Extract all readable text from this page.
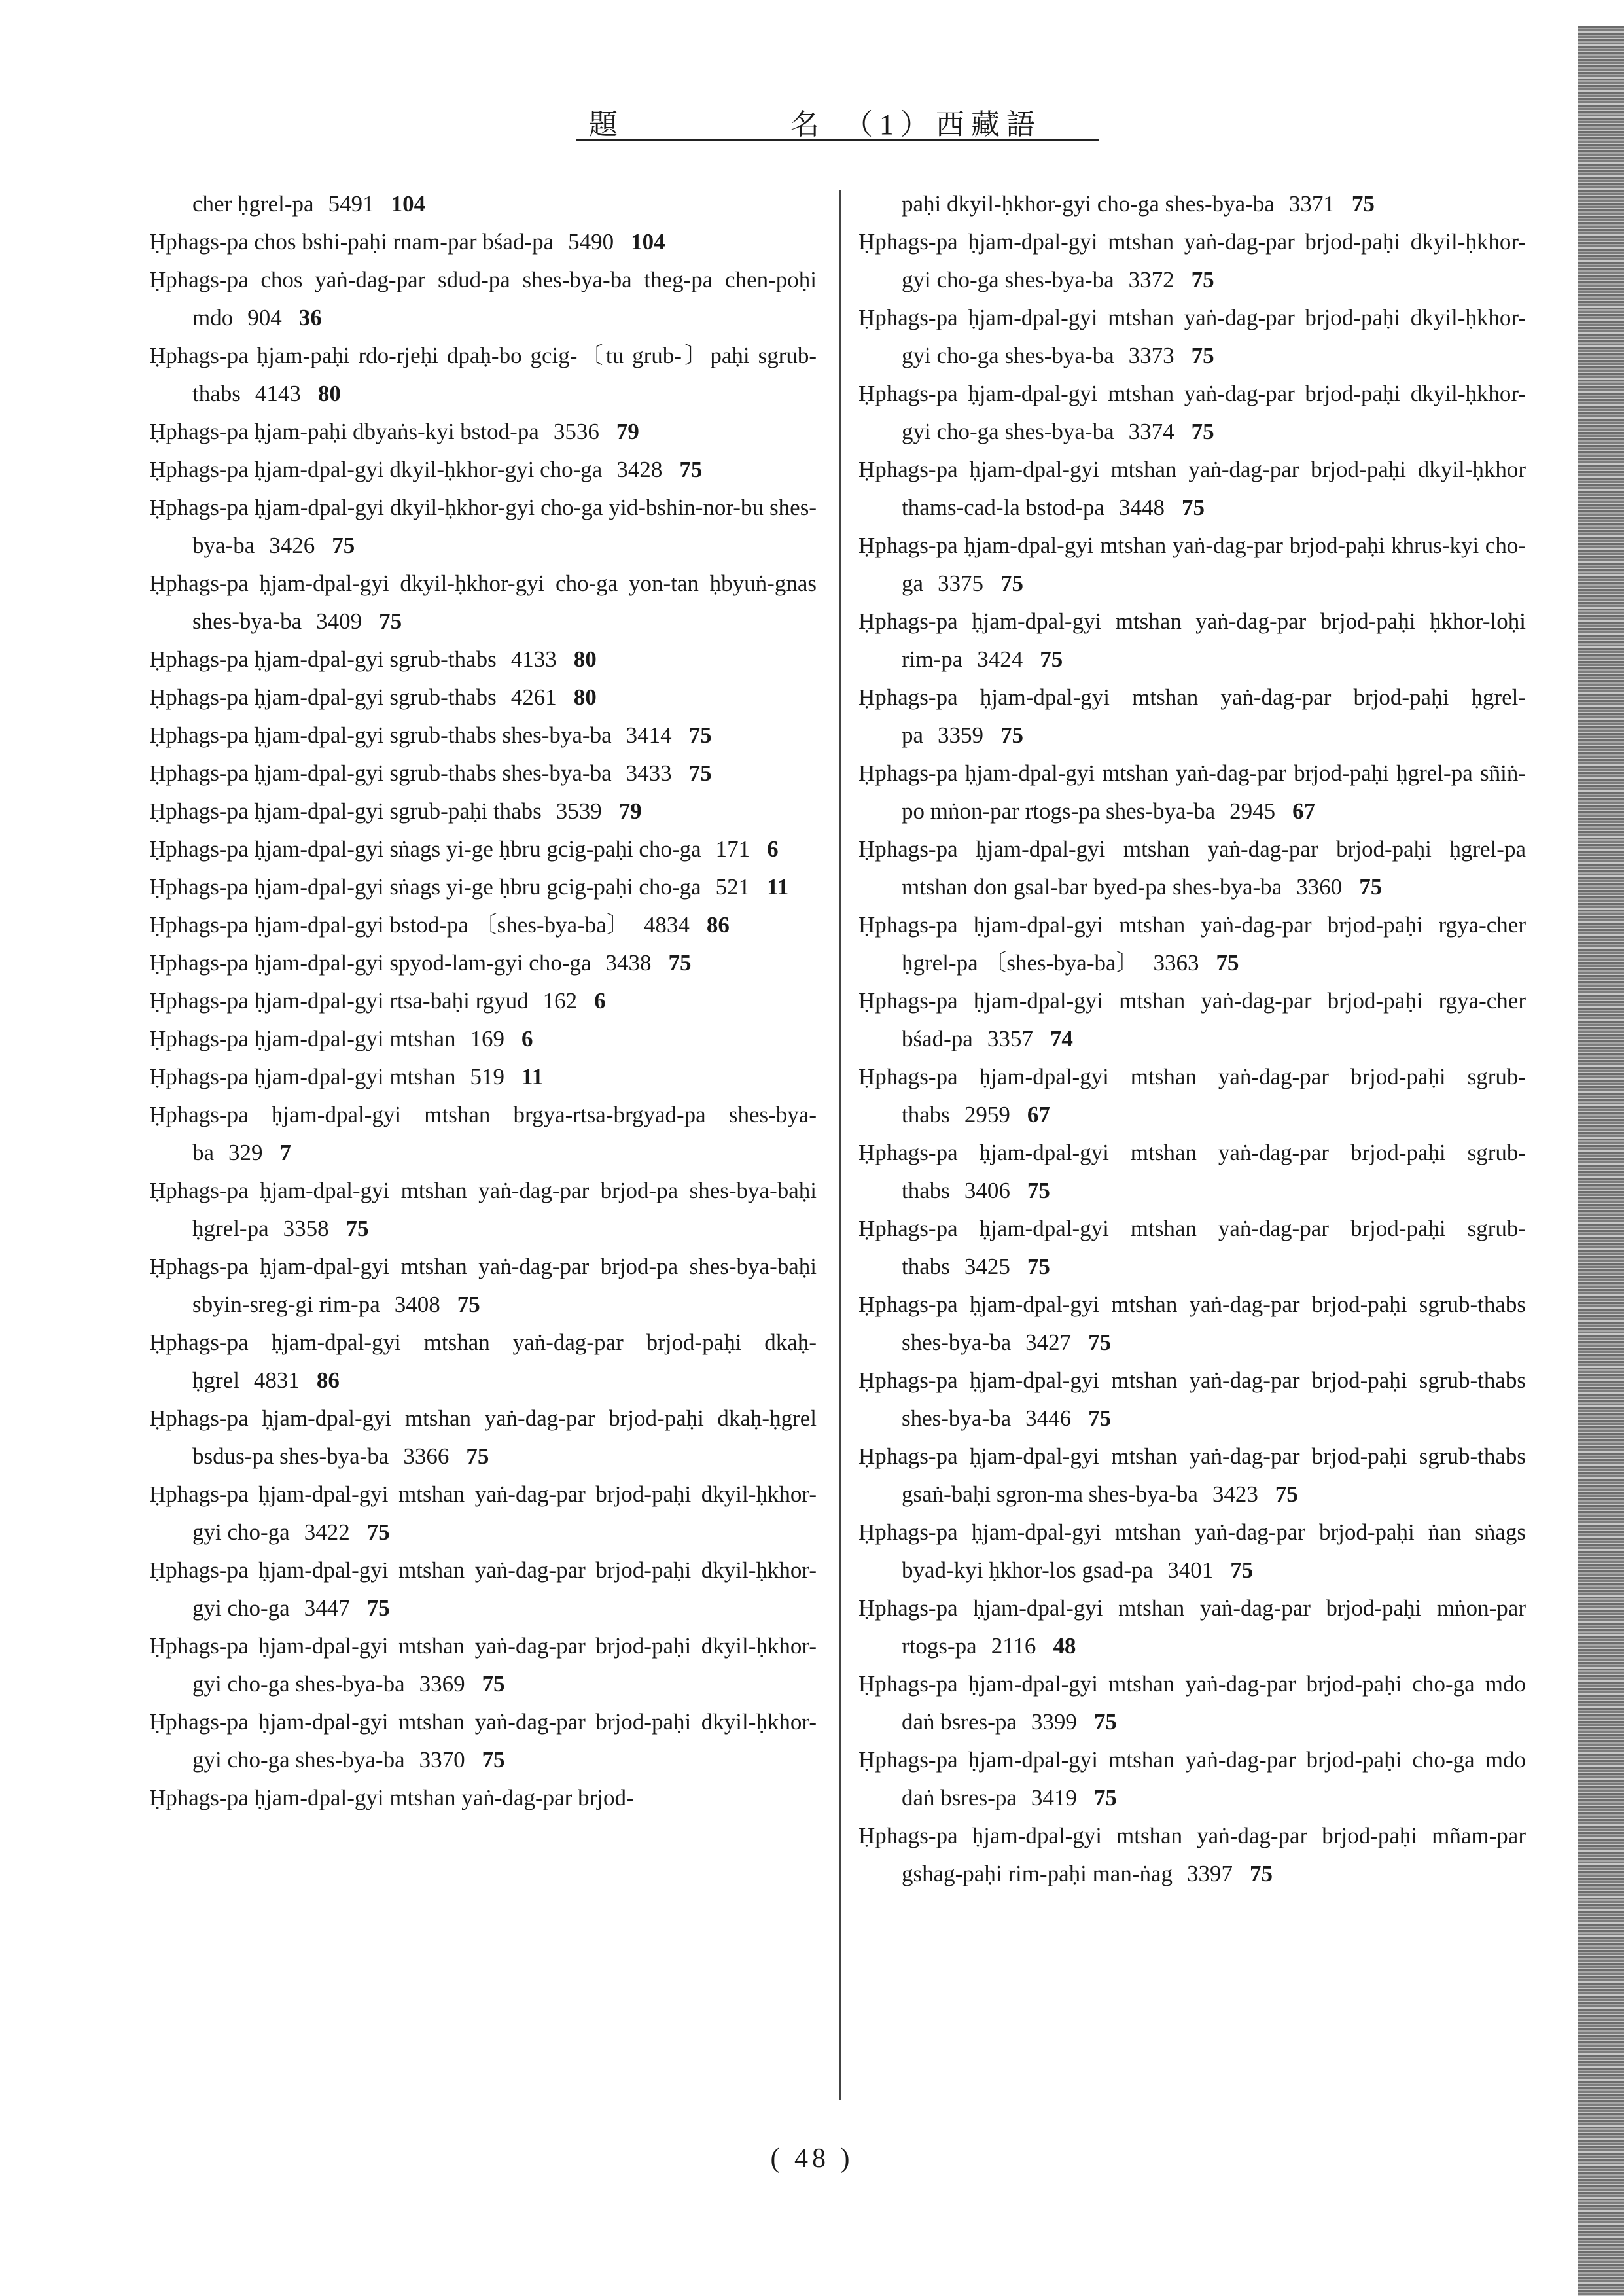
題　名
（1）西藏語
cher ḥgrel-pa 5491 104
Ḥphags-pa chos bshi-paḥi rnam-par bśad-pa 5490 104
Ḥphags-pa chos yaṅ-dag-par sdud-pa shes-bya-ba theg-pa chen-poḥi mdo 904 36
Ḥphags-pa ḥjam-paḥi rdo-rjeḥi dpaḥ-bo gcig-〔tu grub-〕paḥi sgrub-thabs 4143 80
Ḥphags-pa ḥjam-paḥi dbyaṅs-kyi bstod-pa 3536 79
Ḥphags-pa ḥjam-dpal-gyi dkyil-ḥkhor-gyi cho-ga 3428 75
Ḥphags-pa ḥjam-dpal-gyi dkyil-ḥkhor-gyi cho-ga yid-bshin-nor-bu shes-bya-ba 3426 75
Ḥphags-pa ḥjam-dpal-gyi dkyil-ḥkhor-gyi cho-ga yon-tan ḥbyuṅ-gnas shes-bya-ba 3409 75
Ḥphags-pa ḥjam-dpal-gyi sgrub-thabs 4133 80
Ḥphags-pa ḥjam-dpal-gyi sgrub-thabs 4261 80
Ḥphags-pa ḥjam-dpal-gyi sgrub-thabs shes-bya-ba 3414 75
Ḥphags-pa ḥjam-dpal-gyi sgrub-thabs shes-bya-ba 3433 75
Ḥphags-pa ḥjam-dpal-gyi sgrub-paḥi thabs 3539 79
Ḥphags-pa ḥjam-dpal-gyi sṅags yi-ge ḥbru gcig-paḥi cho-ga 171 6
Ḥphags-pa ḥjam-dpal-gyi sṅags yi-ge ḥbru gcig-paḥi cho-ga 521 11
Ḥphags-pa ḥjam-dpal-gyi bstod-pa 〔shes-bya-ba〕 4834 86
Ḥphags-pa ḥjam-dpal-gyi spyod-lam-gyi cho-ga 3438 75
Ḥphags-pa ḥjam-dpal-gyi rtsa-baḥi rgyud 162 6
Ḥphags-pa ḥjam-dpal-gyi mtshan 169 6
Ḥphags-pa ḥjam-dpal-gyi mtshan 519 11
Ḥphags-pa ḥjam-dpal-gyi mtshan brgya-rtsa-brgyad-pa shes-bya-ba 329 7
Ḥphags-pa ḥjam-dpal-gyi mtshan yaṅ-dag-par brjod-pa shes-bya-baḥi ḥgrel-pa 3358 75
Ḥphags-pa ḥjam-dpal-gyi mtshan yaṅ-dag-par brjod-pa shes-bya-baḥi sbyin-sreg-gi rim-pa 3408 75
Ḥphags-pa ḥjam-dpal-gyi mtshan yaṅ-dag-par brjod-paḥi dkaḥ-ḥgrel 4831 86
Ḥphags-pa ḥjam-dpal-gyi mtshan yaṅ-dag-par brjod-paḥi dkaḥ-ḥgrel bsdus-pa shes-bya-ba 3366 75
Ḥphags-pa ḥjam-dpal-gyi mtshan yaṅ-dag-par brjod-paḥi dkyil-ḥkhor-gyi cho-ga 3422 75
Ḥphags-pa ḥjam-dpal-gyi mtshan yaṅ-dag-par brjod-paḥi dkyil-ḥkhor-gyi cho-ga 3447 75
Ḥphags-pa ḥjam-dpal-gyi mtshan yaṅ-dag-par brjod-paḥi dkyil-ḥkhor-gyi cho-ga shes-bya-ba 3369 75
Ḥphags-pa ḥjam-dpal-gyi mtshan yaṅ-dag-par brjod-paḥi dkyil-ḥkhor-gyi cho-ga shes-bya-ba 3370 75
Ḥphags-pa ḥjam-dpal-gyi mtshan yaṅ-dag-par brjod-
paḥi dkyil-ḥkhor-gyi cho-ga shes-bya-ba 3371 75
Ḥphags-pa ḥjam-dpal-gyi mtshan yaṅ-dag-par brjod-paḥi dkyil-ḥkhor-gyi cho-ga shes-bya-ba 3372 75
Ḥphags-pa ḥjam-dpal-gyi mtshan yaṅ-dag-par brjod-paḥi dkyil-ḥkhor-gyi cho-ga shes-bya-ba 3373 75
Ḥphags-pa ḥjam-dpal-gyi mtshan yaṅ-dag-par brjod-paḥi dkyil-ḥkhor-gyi cho-ga shes-bya-ba 3374 75
Ḥphags-pa ḥjam-dpal-gyi mtshan yaṅ-dag-par brjod-paḥi dkyil-ḥkhor thams-cad-la bstod-pa 3448 75
Ḥphags-pa ḥjam-dpal-gyi mtshan yaṅ-dag-par brjod-paḥi khrus-kyi cho-ga 3375 75
Ḥphags-pa ḥjam-dpal-gyi mtshan yaṅ-dag-par brjod-paḥi ḥkhor-loḥi rim-pa 3424 75
Ḥphags-pa ḥjam-dpal-gyi mtshan yaṅ-dag-par brjod-paḥi ḥgrel-pa 3359 75
Ḥphags-pa ḥjam-dpal-gyi mtshan yaṅ-dag-par brjod-paḥi ḥgrel-pa sñiṅ-po mṅon-par rtogs-pa shes-bya-ba 2945 67
Ḥphags-pa ḥjam-dpal-gyi mtshan yaṅ-dag-par brjod-paḥi ḥgrel-pa mtshan don gsal-bar byed-pa shes-bya-ba 3360 75
Ḥphags-pa ḥjam-dpal-gyi mtshan yaṅ-dag-par brjod-paḥi rgya-cher ḥgrel-pa 〔shes-bya-ba〕 3363 75
Ḥphags-pa ḥjam-dpal-gyi mtshan yaṅ-dag-par brjod-paḥi rgya-cher bśad-pa 3357 74
Ḥphags-pa ḥjam-dpal-gyi mtshan yaṅ-dag-par brjod-paḥi sgrub-thabs 2959 67
Ḥphags-pa ḥjam-dpal-gyi mtshan yaṅ-dag-par brjod-paḥi sgrub-thabs 3406 75
Ḥphags-pa ḥjam-dpal-gyi mtshan yaṅ-dag-par brjod-paḥi sgrub-thabs 3425 75
Ḥphags-pa ḥjam-dpal-gyi mtshan yaṅ-dag-par brjod-paḥi sgrub-thabs shes-bya-ba 3427 75
Ḥphags-pa ḥjam-dpal-gyi mtshan yaṅ-dag-par brjod-paḥi sgrub-thabs shes-bya-ba 3446 75
Ḥphags-pa ḥjam-dpal-gyi mtshan yaṅ-dag-par brjod-paḥi sgrub-thabs gsaṅ-baḥi sgron-ma shes-bya-ba 3423 75
Ḥphags-pa ḥjam-dpal-gyi mtshan yaṅ-dag-par brjod-paḥi ṅan sṅags byad-kyi ḥkhor-los gsad-pa 3401 75
Ḥphags-pa ḥjam-dpal-gyi mtshan yaṅ-dag-par brjod-paḥi mṅon-par rtogs-pa 2116 48
Ḥphags-pa ḥjam-dpal-gyi mtshan yaṅ-dag-par brjod-paḥi cho-ga mdo daṅ bsres-pa 3399 75
Ḥphags-pa ḥjam-dpal-gyi mtshan yaṅ-dag-par brjod-paḥi cho-ga mdo daṅ bsres-pa 3419 75
Ḥphags-pa ḥjam-dpal-gyi mtshan yaṅ-dag-par brjod-paḥi mñam-par gshag-paḥi rim-paḥi man-ṅag 3397 75
( 48 )
